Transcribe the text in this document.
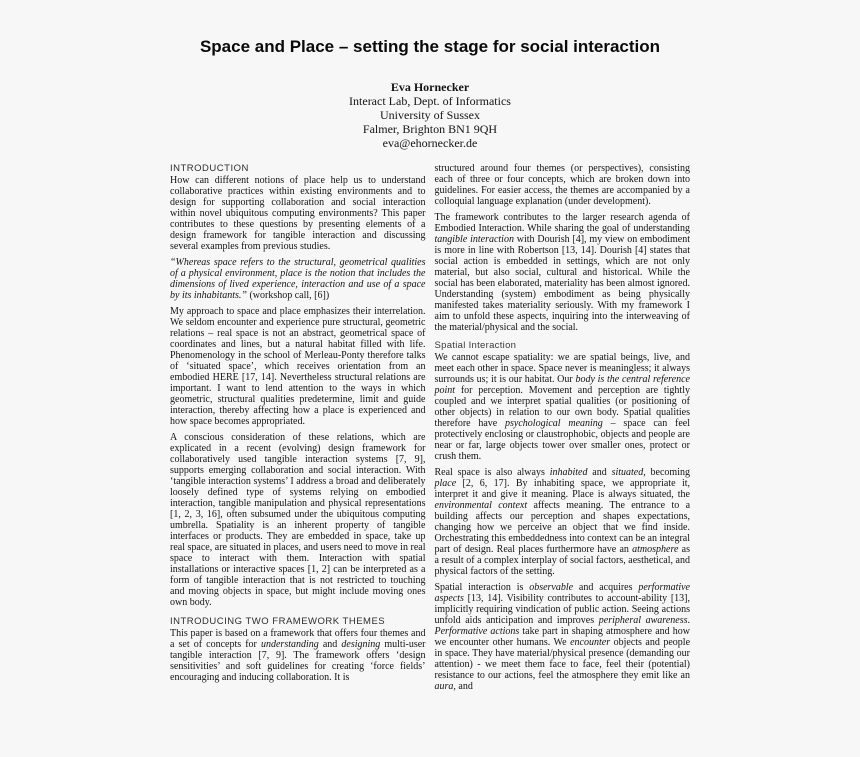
Space and Place – setting the stage for social interaction
Eva Hornecker
Interact Lab, Dept. of Informatics
University of Sussex
Falmer, Brighton BN1 9QH
eva@ehornecker.de
INTRODUCTION

How can different notions of place help us to understand collaborative practices within existing environments and to design for supporting collaboration and social interaction within novel ubiquitous computing environments? This paper contributes to these questions by presenting elements of a design framework for tangible interaction and discussing several examples from previous studies.

“Whereas space refers to the structural, geometrical qualities of a physical environment, place is the notion that includes the dimensions of lived experience, interaction and use of a space by its inhabitants.” (workshop call, [6])

My approach to space and place emphasizes their interrelation. We seldom encounter and experience pure structural, geometric relations – real space is not an abstract, geometrical space of coordinates and lines, but a natural habitat filled with life. Phenomenology in the school of Merleau-Ponty therefore talks of ‘situated space’, which receives orientation from an embodied HERE [17, 14]. Nevertheless structural relations are important. I want to lend attention to the ways in which geometric, structural qualities predetermine, limit and guide interaction, thereby affecting how a place is experienced and how space becomes appropriated.

A conscious consideration of these relations, which are explicated in a recent (evolving) design framework for collaboratively used tangible interaction systems [7, 9], supports emerging collaboration and social interaction. With ‘tangible interaction systems’ I address a broad and deliberately loosely defined type of systems relying on embodied interaction, tangible manipulation and physical representations [1, 2, 3, 16], often subsumed under the ubiquitous computing umbrella. Spatiality is an inherent property of tangible interfaces or products. They are embedded in space, take up real space, are situated in places, and users need to move in real space to interact with them. Interaction with spatial installations or interactive spaces [1, 2] can be interpreted as a form of tangible interaction that is not restricted to touching and moving objects in space, but might include moving ones own body.

INTRODUCING TWO FRAMEWORK THEMES

This paper is based on a framework that offers four themes and a set of concepts for understanding and designing multi-user tangible interaction [7, 9]. The framework offers ‘design sensitivities’ and soft guidelines for creating ‘force fields’ encouraging and inducing collaboration. It is

structured around four themes (or perspectives), consisting each of three or four concepts, which are broken down into guidelines. For easier access, the themes are accompanied by a colloquial language explanation (under development).

The framework contributes to the larger research agenda of Embodied Interaction. While sharing the goal of understanding tangible interaction with Dourish [4], my view on embodiment is more in line with Robertson [13, 14]. Dourish [4] states that social action is embedded in settings, which are not only material, but also social, cultural and historical. While the social has been elaborated, materiality has been almost ignored. Understanding (system) embodiment as being physically manifested takes materiality seriously. With my framework I aim to unfold these aspects, inquiring into the interweaving of the material/physical and the social.

Spatial Interaction

We cannot escape spatiality: we are spatial beings, live, and meet each other in space. Space never is meaningless; it always surrounds us; it is our habitat. Our body is the central reference point for perception. Movement and perception are tightly coupled and we interpret spatial qualities (or positioning of other objects) in relation to our own body. Spatial qualities therefore have psychological meaning – space can feel protectively enclosing or claustrophobic, objects and people are near or far, large objects tower over smaller ones, protect or crush them.

Real space is also always inhabited and situated, becoming place [2, 6, 17]. By inhabiting space, we appropriate it, interpret it and give it meaning. Place is always situated, the environmental context affects meaning. The entrance to a building affects our perception and shapes expectations, changing how we perceive an object that we find inside. Orchestrating this embeddedness into context can be an integral part of design. Real places furthermore have an atmosphere as a result of a complex interplay of social factors, aesthetical, and physical factors of the setting.

Spatial interaction is observable and acquires performative aspects [13, 14]. Visibility contributes to account-ability [13], implicitly requiring vindication of public action. Seeing actions unfold aids anticipation and improves peripheral awareness. Performative actions take part in shaping atmosphere and how we encounter other humans. We encounter objects and people in space. They have material/physical presence (demanding our attention) - we meet them face to face, feel their (potential) resistance to our actions, feel the atmosphere they emit like an aura, and
